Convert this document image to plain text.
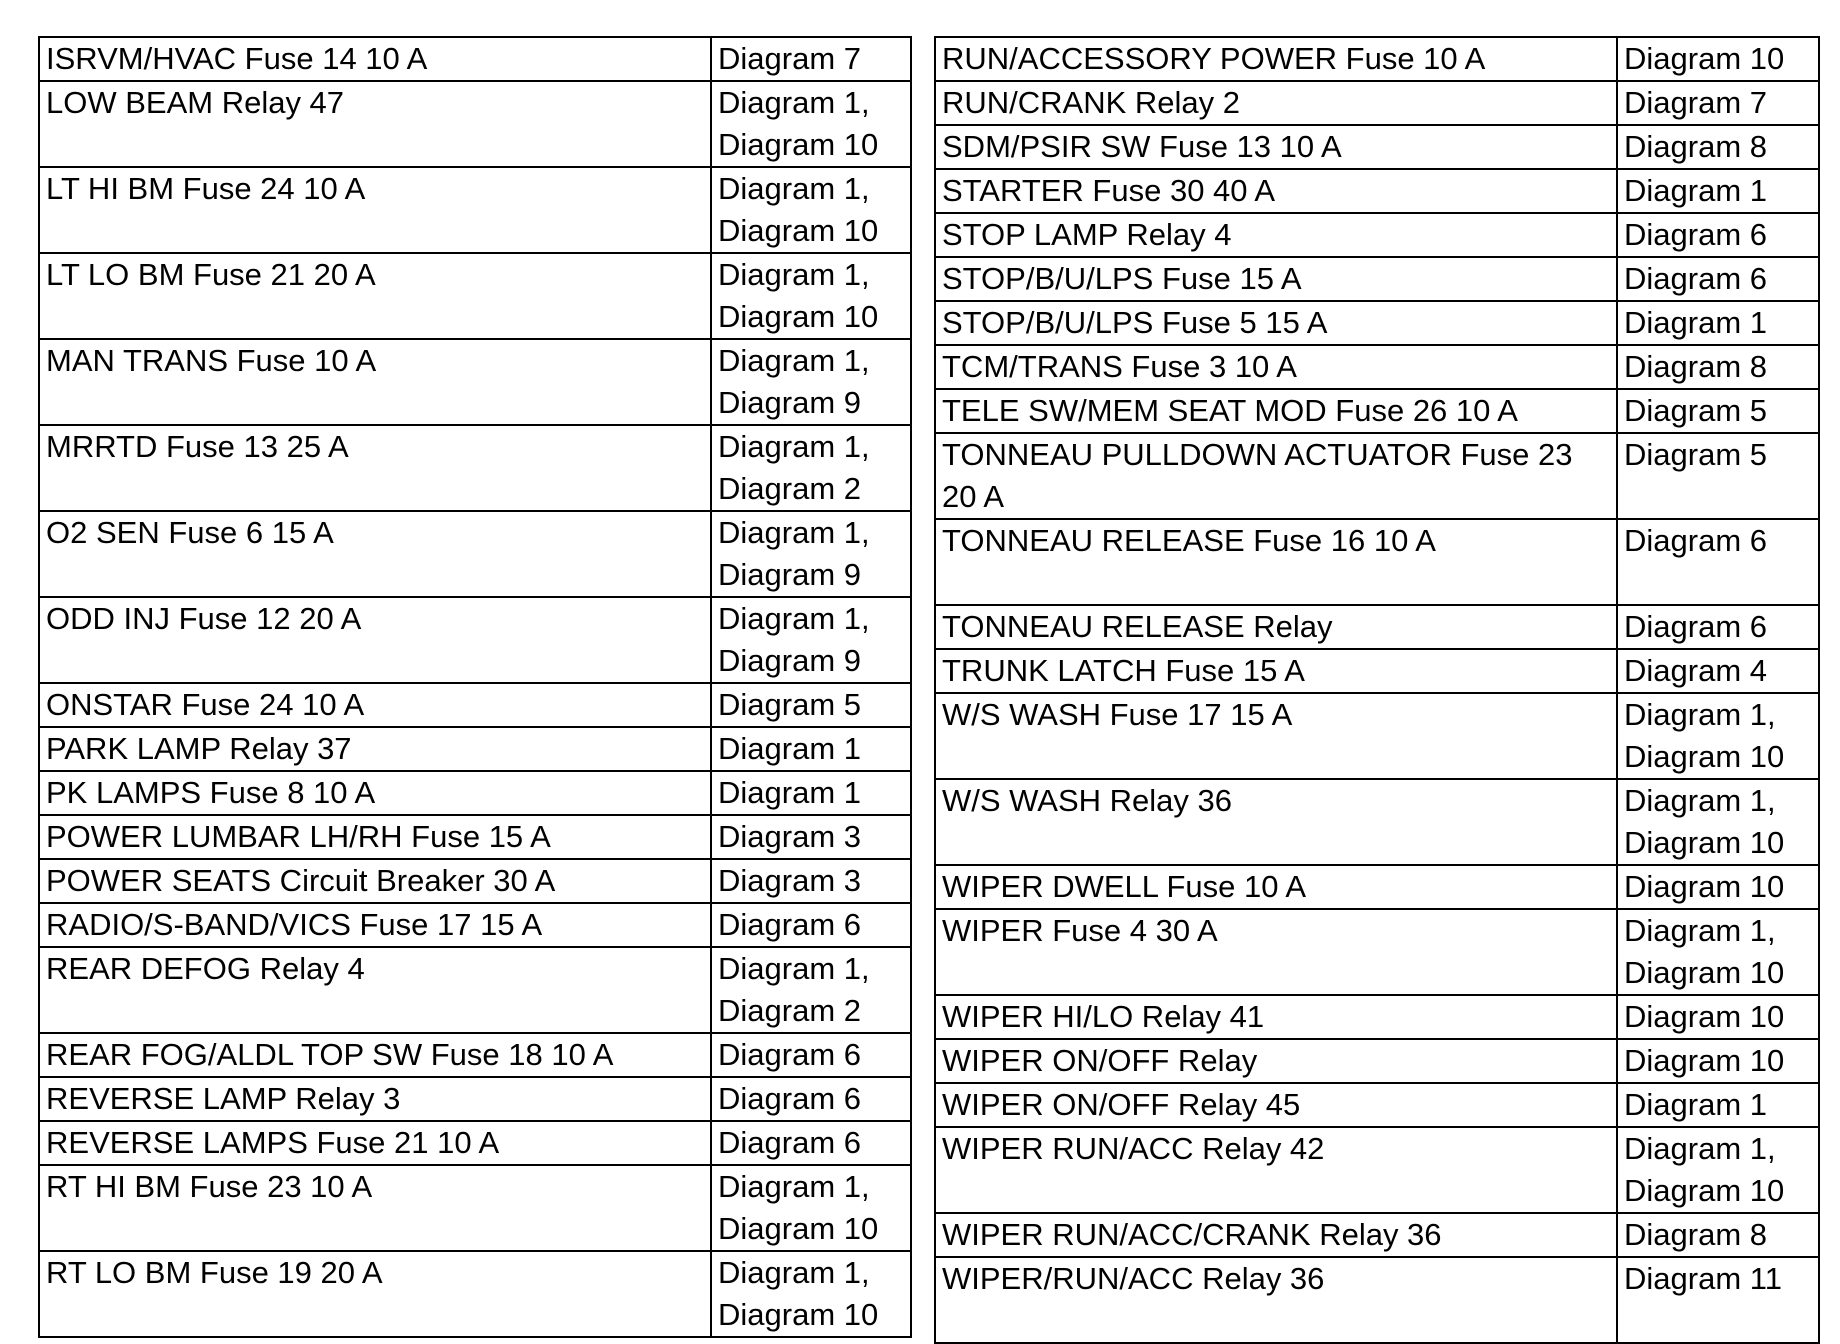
ISRVM/HVAC Fuse 14 10 A	Diagram 7

LOW BEAM Relay 47	Diagram 1,
Diagram 10

LT HI BM Fuse 24 10 A	Diagram 1,
Diagram 10

LT LO BM Fuse 21 20 A	Diagram 1,
Diagram 10

MAN TRANS Fuse 10 A	Diagram 1,
Diagram 9

MRRTD Fuse 13 25 A	Diagram 1,
Diagram 2

O2 SEN Fuse 6 15 A	Diagram 1,
Diagram 9

ODD INJ Fuse 12 20 A	Diagram 1,
Diagram 9

ONSTAR Fuse 24 10 A	Diagram 5

PARK LAMP Relay 37	Diagram 1

PK LAMPS Fuse 8 10 A	Diagram 1

POWER LUMBAR LH/RH Fuse 15 A	Diagram 3

POWER SEATS Circuit Breaker 30 A	Diagram 3

RADIO/S-BAND/VICS Fuse 17 15 A	Diagram 6

REAR DEFOG Relay 4	Diagram 1,
Diagram 2

REAR FOG/ALDL TOP SW Fuse 18 10 A	Diagram 6

REVERSE LAMP Relay 3	Diagram 6

REVERSE LAMPS Fuse 21 10 A	Diagram 6

RT HI BM Fuse 23 10 A	Diagram 1,
Diagram 10

RT LO BM Fuse 19 20 A	Diagram 1,
Diagram 10
RUN/ACCESSORY POWER Fuse 10 A	Diagram 10

RUN/CRANK Relay 2	Diagram 7

SDM/PSIR SW Fuse 13 10 A	Diagram 8

STARTER Fuse 30 40 A	Diagram 1

STOP LAMP Relay 4	Diagram 6

STOP/B/U/LPS Fuse 15 A	Diagram 6

STOP/B/U/LPS Fuse 5 15 A	Diagram 1

TCM/TRANS Fuse 3 10 A	Diagram 8

TELE SW/MEM SEAT MOD Fuse 26 10 A	Diagram 5

TONNEAU PULLDOWN ACTUATOR Fuse 23 20 A	Diagram 5

TONNEAU RELEASE Fuse 16 10 A	Diagram 6

TONNEAU RELEASE Relay	Diagram 6

TRUNK LATCH Fuse 15 A	Diagram 4

W/S WASH Fuse 17 15 A	Diagram 1,
Diagram 10

W/S WASH Relay 36	Diagram 1,
Diagram 10

WIPER DWELL Fuse 10 A	Diagram 10

WIPER Fuse 4 30 A	Diagram 1,
Diagram 10

WIPER HI/LO Relay 41	Diagram 10

WIPER ON/OFF Relay	Diagram 10

WIPER ON/OFF Relay 45	Diagram 1

WIPER RUN/ACC Relay 42	Diagram 1,
Diagram 10

WIPER RUN/ACC/CRANK Relay 36	Diagram 8

WIPER/RUN/ACC Relay 36	Diagram 11
